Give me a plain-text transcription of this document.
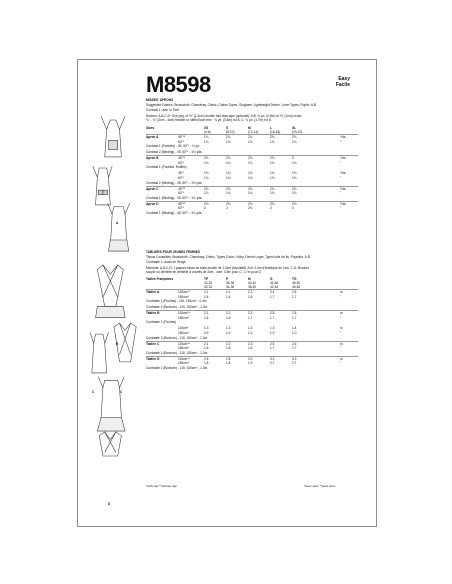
M8598	Easy
Facile
A
B
C	C
D
MISSES' APRONS
Suggested Fabrics: Broadcloth, Chambray, Chintz, Cotton Types, Gingham, Lightweight Denim, Linen Types, Poplin. A,B
Contrast 1: also in Twill
Notions: A,B,C,D: One pkg. of ½" (1.3cm) double fold bias tape (optional). A,B: ¾ yd. (0.5m) of ¾" (1cm) ricrac
¾" - ¾" (2cm - 4cm) flexible or ruffled lace trim · ¾ yd. (0.8m) for A; C: ¾ yd. (1.7m) for D.
TABLIERS POUR JEUNES FEMMES
Tissus Conseillés: Broadcloth, Chambray, Chintz, Types Coton, Vichy, Denim Léger, Types toile de lin, Popeline. A,B
Contraste 1: aussi en Sergé
Mercerie: A,B,C,D: 1 paquet ruban de biais double de 1.3cm (facultatif). A,B: 0.5m d'élastique de 1cm. C,D: Bordure
souple ou dentelle en dentelle à volants de 2cm - 4cm: 0.8m pour C, 1.7m pour D.
*with nap **without nap	*avec sens **sans sens
Sizes	XS	S	M	L	XL
(4-6)	(8-10)	(12-14)	(16-18)	(20-22)
Apron A	45"**	1¾	2¾	2¾	2¾	2¾	Yds.
60"*	1¾	1¾	1¾	1¾	1¾	"
Contrast 1 (Pockets) - 45, 60"* - ¾ yd.
Contrast 2 (Binding) - 45, 60"* - 1¾ yds.
Apron B	45"**	2¾	2¾	2¾	2¾	3	Yds.
60"*	1¾	1¾	1¾	1¾	1¾	"
Contrast 1 (Pockets, Ruffles)
45"*	1¾	1¾	1¾	1¾	1¾	Yds.
60"*	1¾	1¾	1¾	1¾	1¾	"
Contrast 2 (Binding) - 45, 60"* - 1¾ yds.
Apron C	45"**	2¾	2¾	2¾	2¾	2¾	Yds.
60"*	1¾	1¾	1¾	1¾	1¾	"
Contrast 1 (Binding) - 45, 60"* - 1¾ yds.
Apron D	45"**	2¾	2¾	2¾	2¾	2¾	Yds.
60"*	2	2	2¾	2	2	"
Contrast 1 (Binding) - 45, 60"* - 1¾ yds.
Tailles Françaises	TP	P	M	G	TG
32-34	36-38	40-42	44-46	48-50
30-32	34-36	38-40	42-44	46-48
Tablier A	115cm**	2.1	2.1	2.3	2.4	2.6	m
150cm*	1.6	1.6	1.6	1.7	1.7	"
Contraste 1 (Poches) - 115, 150cm* - 0.4m
Contraste 2 (Bordure) - 115, 150cm* - 1.3m
Tablier B	115cm**	2.1	2.2	2.3	2.5	2.6	m
150cm*	1.6	1.6	1.7	1.7	1.7	"
Contraste 1 (Poches)
115cm*	1.3	1.3	1.3	1.3	1.4	m
150cm*	0.9	1.0	1.0	1.0	1.0	"
Contraste 2 (Bordure) - 115, 150cm* - 1.3m
Tablier C	115cm**	2.1	2.2	2.3	2.5	2.6	m
150cm*	1.6	1.6	1.6	1.7	1.7	"
Contraste 1 (Bordure) - 115, 150cm* - 1.3m
Tablier D	115cm**	2.8	2.8	3.0	3.2	3.3	m
150cm*	1.8	1.8	1.9	2.7	2.7	"
Contraste 1 (Bordure) - 115, 150cm* - 1.3m
